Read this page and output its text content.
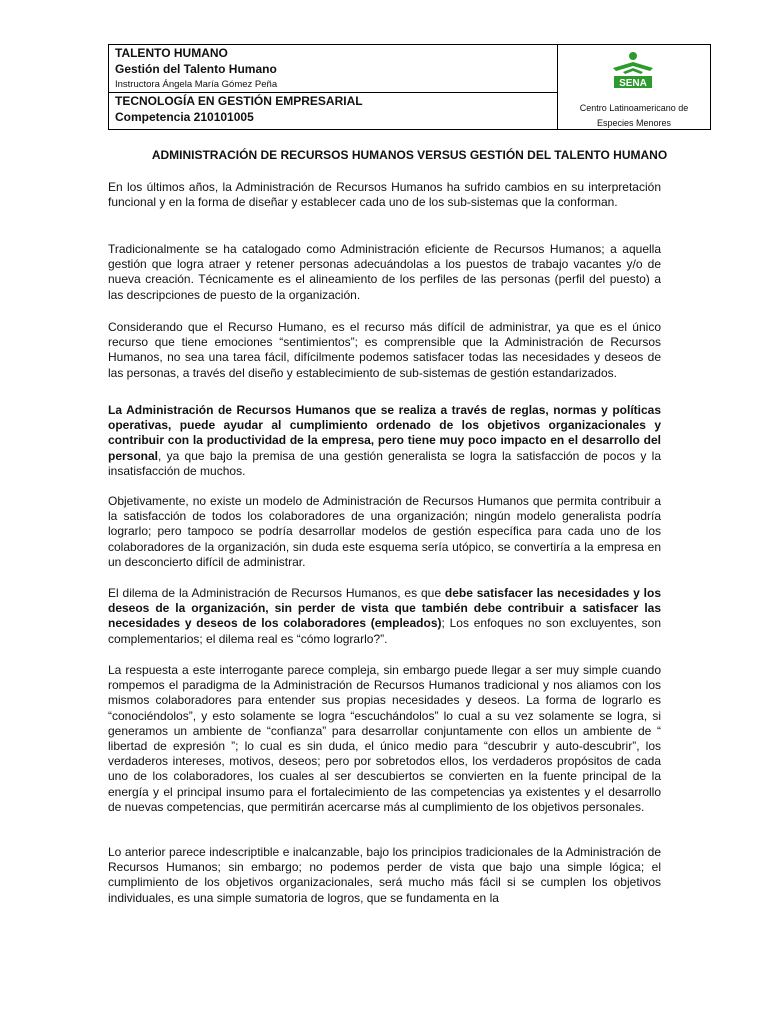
TALENTO HUMANO
Gestión del Talento Humano
Instructora Ángela María Gómez Peña
TECNOLOGÍA EN GESTIÓN EMPRESARIAL
Competencia 210101005
SENA
Centro Latinoamericano de
Especies Menores
ADMINISTRACIÓN DE RECURSOS HUMANOS VERSUS GESTIÓN DEL TALENTO HUMANO

En los últimos años, la Administración de Recursos Humanos ha sufrido cambios en su interpretación funcional y en la forma de diseñar y establecer cada uno de los sub-sistemas que la conforman.

Tradicionalmente se ha catalogado como Administración eficiente de Recursos Humanos; a aquella gestión que logra atraer y retener personas adecuándolas a los puestos de trabajo vacantes y/o de nueva creación. Técnicamente es el alineamiento de los perfiles de las personas (perfil del puesto) a las descripciones de puesto de la organización.

Considerando que el Recurso Humano, es el recurso más difícil de administrar, ya que es el único recurso que tiene emociones “sentimientos”; es comprensible que la Administración de Recursos Humanos, no sea una tarea fácil, difícilmente podemos satisfacer todas las necesidades y deseos de las personas, a través del diseño y establecimiento de sub-sistemas de gestión estandarizados.

La Administración de Recursos Humanos que se realiza a través de reglas, normas y políticas operativas, puede ayudar al cumplimiento ordenado de los objetivos organizacionales y contribuir con la productividad de la empresa, pero tiene muy poco impacto en el desarrollo del personal, ya que bajo la premisa de una gestión generalista se logra la satisfacción de pocos y la insatisfacción de muchos.

Objetivamente, no existe un modelo de Administración de Recursos Humanos que permita contribuir a la satisfacción de todos los colaboradores de una organización; ningún modelo generalista podría lograrlo; pero tampoco se podría desarrollar modelos de gestión específica para cada uno de los colaboradores de la organización, sin duda este esquema sería utópico, se convertiría a la empresa en un desconcierto difícil de administrar.

El dilema de la Administración de Recursos Humanos, es que debe satisfacer las necesidades y los deseos de la organización, sin perder de vista que también debe contribuir a satisfacer las necesidades y deseos de los colaboradores (empleados); Los enfoques no son excluyentes, son complementarios; el dilema real es “cómo lograrlo?”.

La respuesta a este interrogante parece compleja, sin embargo puede llegar a ser muy simple cuando rompemos el paradigma de la Administración de Recursos Humanos tradicional y nos aliamos con los mismos colaboradores para entender sus propias necesidades y deseos. La forma de lograrlo es “conociéndolos”, y esto solamente se logra “escuchándolos” lo cual a su vez solamente se logra, si generamos un ambiente de “confianza” para desarrollar conjuntamente con ellos un ambiente de “ libertad de expresión ”; lo cual es sin duda, el único medio para “descubrir y auto-descubrir”, los verdaderos intereses, motivos, deseos; pero por sobretodos ellos, los verdaderos propósitos de cada uno de los colaboradores, los cuales al ser descubiertos se convierten en la fuente principal de la energía y el principal insumo para el fortalecimiento de las competencias ya existentes y el desarrollo de nuevas competencias, que permitirán acercarse más al cumplimiento de los objetivos personales.

Lo anterior parece indescriptible e inalcanzable, bajo los principios tradicionales de la Administración de Recursos Humanos; sin embargo; no podemos perder de vista que bajo una simple lógica; el cumplimiento de los objetivos organizacionales, será mucho más fácil si se cumplen los objetivos individuales, es una simple sumatoria de logros, que se fundamenta en la
